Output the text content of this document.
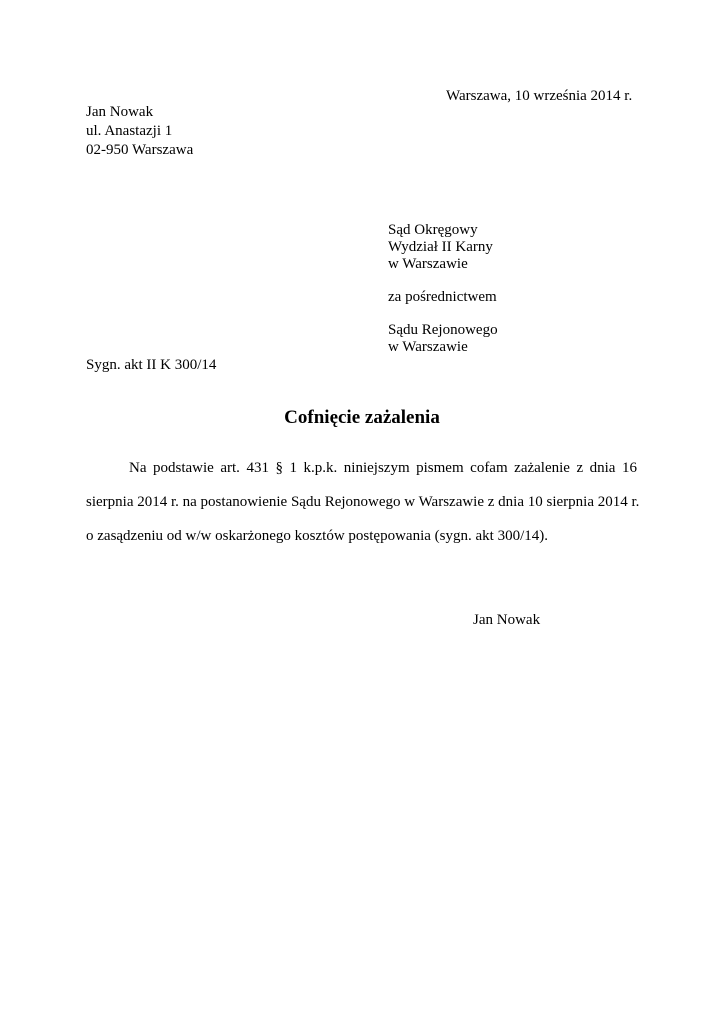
Warszawa, 10 września 2014 r.
Jan Nowak
ul. Anastazji 1
02-950 Warszawa
Sąd Okręgowy
Wydział II Karny
w Warszawie
za pośrednictwem
Sądu Rejonowego
w Warszawie
Sygn. akt II K 300/14
Cofnięcie zażalenia
Na podstawie art. 431 § 1 k.p.k. niniejszym pismem cofam zażalenie z dnia 16
sierpnia 2014 r. na postanowienie Sądu Rejonowego w Warszawie z dnia 10 sierpnia 2014 r.
o zasądzeniu od w/w oskarżonego kosztów postępowania (sygn. akt 300/14).
Jan Nowak
